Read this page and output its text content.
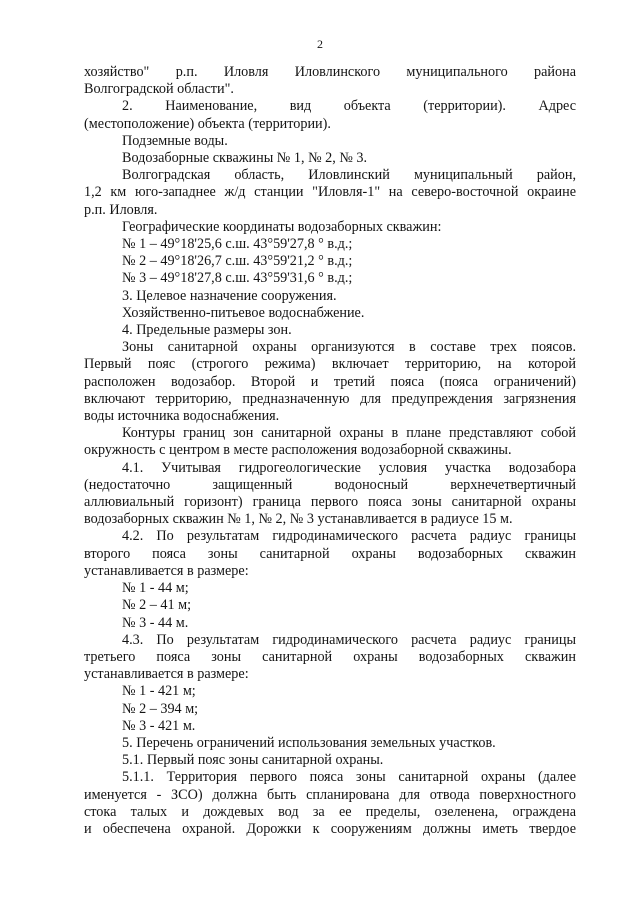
2
хозяйство" р.п. Иловля Иловлинского муниципального района
Волгоградской области".
2. Наименование, вид объекта (территории). Адрес
(местоположение) объекта (территории).
Подземные воды.
Водозаборные скважины № 1, № 2, № 3.
Волгоградская область, Иловлинский муниципальный район,
1,2 км юго-западнее ж/д станции "Иловля-1" на северо-восточной окраине
р.п. Иловля.
Географические координаты водозаборных скважин:
№ 1 – 49°18'25,6 с.ш. 43°59'27,8 ° в.д.;
№ 2 – 49°18'26,7 с.ш. 43°59'21,2 ° в.д.;
№ 3 – 49°18'27,8 с.ш. 43°59'31,6 ° в.д.;
3. Целевое назначение сооружения.
Хозяйственно-питьевое водоснабжение.
4. Предельные размеры зон.
Зоны санитарной охраны организуются в составе трех поясов.
Первый пояс (строгого режима) включает территорию, на которой
расположен водозабор. Второй и третий пояса (пояса ограничений)
включают территорию, предназначенную для предупреждения загрязнения
воды источника водоснабжения.
Контуры границ зон санитарной охраны в плане представляют собой
окружность с центром в месте расположения водозаборной скважины.
4.1. Учитывая гидрогеологические условия участка водозабора
(недостаточно защищенный водоносный верхнечетвертичный
аллювиальный горизонт) граница первого пояса зоны санитарной охраны
водозаборных скважин № 1, № 2, № 3 устанавливается в радиусе 15 м.
4.2. По результатам гидродинамического расчета радиус границы
второго пояса зоны санитарной охраны водозаборных скважин
устанавливается в размере:
№ 1 - 44 м;
№ 2 – 41 м;
№ 3 - 44 м.
4.3. По результатам гидродинамического расчета радиус границы
третьего пояса зоны санитарной охраны водозаборных скважин
устанавливается в размере:
№ 1 - 421 м;
№ 2 – 394 м;
№ 3 - 421 м.
5. Перечень ограничений использования земельных участков.
5.1. Первый пояс зоны санитарной охраны.
5.1.1. Территория первого пояса зоны санитарной охраны (далее
именуется - ЗСО) должна быть спланирована для отвода поверхностного
стока талых и дождевых вод за ее пределы, озеленена, ограждена
и обеспечена охраной. Дорожки к сооружениям должны иметь твердое
